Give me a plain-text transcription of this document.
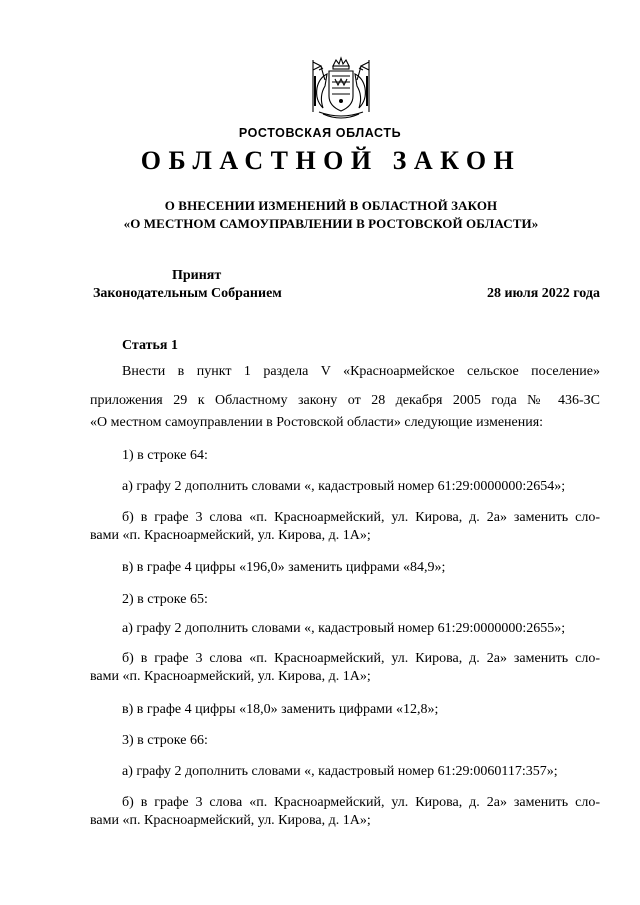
РОСТОВСКАЯ ОБЛАСТЬ
ОБЛАСТНОЙ ЗАКОН
О ВНЕСЕНИИ ИЗМЕНЕНИЙ В ОБЛАСТНОЙ ЗАКОН
«О МЕСТНОМ САМОУПРАВЛЕНИИ В РОСТОВСКОЙ ОБЛАСТИ»
Принят
Законодательным Собранием	28 июля 2022 года
Статья 1
Внести в пункт 1 раздела V «Красноармейское сельское поселение»
приложения 29 к Областному закону от 28 декабря 2005 года № 436-ЗС
«О местном самоуправлении в Ростовской области» следующие изменения:
1) в строке 64:
а) графу 2 дополнить словами «, кадастровый номер 61:29:0000000:2654»;
б) в графе 3 слова «п. Красноармейский, ул. Кирова, д. 2а» заменить сло-
вами «п. Красноармейский, ул. Кирова, д. 1А»;
в) в графе 4 цифры «196,0» заменить цифрами «84,9»;
2) в строке 65:
а) графу 2 дополнить словами «, кадастровый номер 61:29:0000000:2655»;
б) в графе 3 слова «п. Красноармейский, ул. Кирова, д. 2а» заменить сло-
вами «п. Красноармейский, ул. Кирова, д. 1А»;
в) в графе 4 цифры «18,0» заменить цифрами «12,8»;
3) в строке 66:
а) графу 2 дополнить словами «, кадастровый номер 61:29:0060117:357»;
б) в графе 3 слова «п. Красноармейский, ул. Кирова, д. 2а» заменить сло-
вами «п. Красноармейский, ул. Кирова, д. 1А»;
